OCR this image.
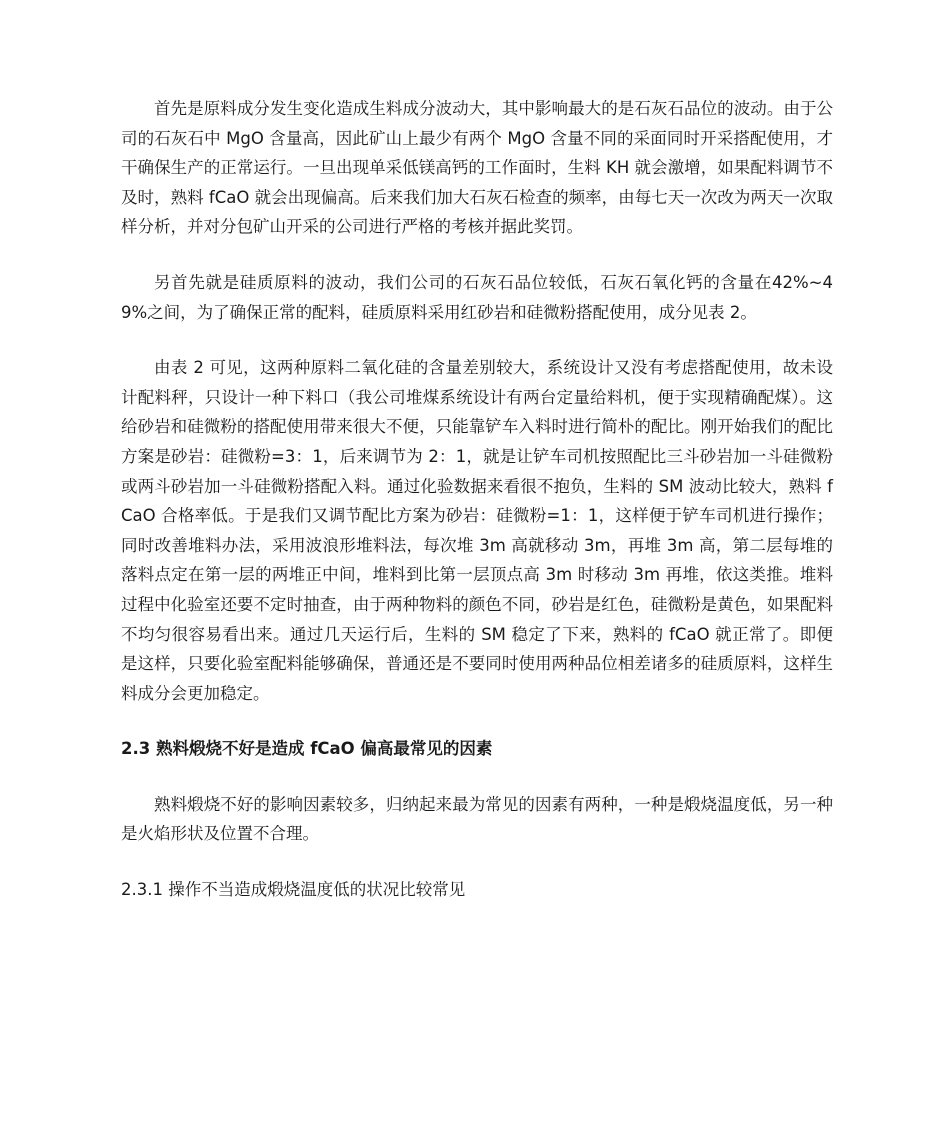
首先是原料成分发生变化造成生料成分波动大，其中影响最大的是石灰石品位的波动。由于公司的石灰石中 MgO 含量高，因此矿山上最少有两个 MgO 含量不同的采面同时开采搭配使用，才干确保生产的正常运行。一旦出现单采低镁高钙的工作面时，生料 KH 就会激增，如果配料调节不及时，熟料 fCaO 就会出现偏高。后来我们加大石灰石检查的频率，由每七天一次改为两天一次取样分析，并对分包矿山开采的公司进行严格的考核并据此奖罚。

另首先就是硅质原料的波动，我们公司的石灰石品位较低，石灰石氧化钙的含量在42%~49%之间，为了确保正常的配料，硅质原料采用红砂岩和硅微粉搭配使用，成分见表 2。

由表 2 可见，这两种原料二氧化硅的含量差别较大，系统设计又没有考虑搭配使用，故未设计配料秤，只设计一种下料口（我公司堆煤系统设计有两台定量给料机，便于实现精确配煤）。这给砂岩和硅微粉的搭配使用带来很大不便，只能靠铲车入料时进行简朴的配比。刚开始我们的配比方案是砂岩：硅微粉=3：1，后来调节为 2：1，就是让铲车司机按照配比三斗砂岩加一斗硅微粉或两斗砂岩加一斗硅微粉搭配入料。通过化验数据来看很不抱负，生料的 SM 波动比较大，熟料 fCaO 合格率低。于是我们又调节配比方案为砂岩：硅微粉=1：1，这样便于铲车司机进行操作；同时改善堆料办法，采用波浪形堆料法，每次堆 3m 高就移动 3m，再堆 3m 高，第二层每堆的落料点定在第一层的两堆正中间，堆料到比第一层顶点高 3m 时移动 3m 再堆，依这类推。堆料过程中化验室还要不定时抽查，由于两种物料的颜色不同，砂岩是红色，硅微粉是黄色，如果配料不均匀很容易看出来。通过几天运行后，生料的 SM 稳定了下来，熟料的 fCaO 就正常了。即便是这样，只要化验室配料能够确保，普通还是不要同时使用两种品位相差诸多的硅质原料，这样生料成分会更加稳定。

2.3 熟料煅烧不好是造成 fCaO 偏高最常见的因素

熟料煅烧不好的影响因素较多，归纳起来最为常见的因素有两种，一种是煅烧温度低，另一种是火焰形状及位置不合理。

2.3.1 操作不当造成煅烧温度低的状况比较常见
